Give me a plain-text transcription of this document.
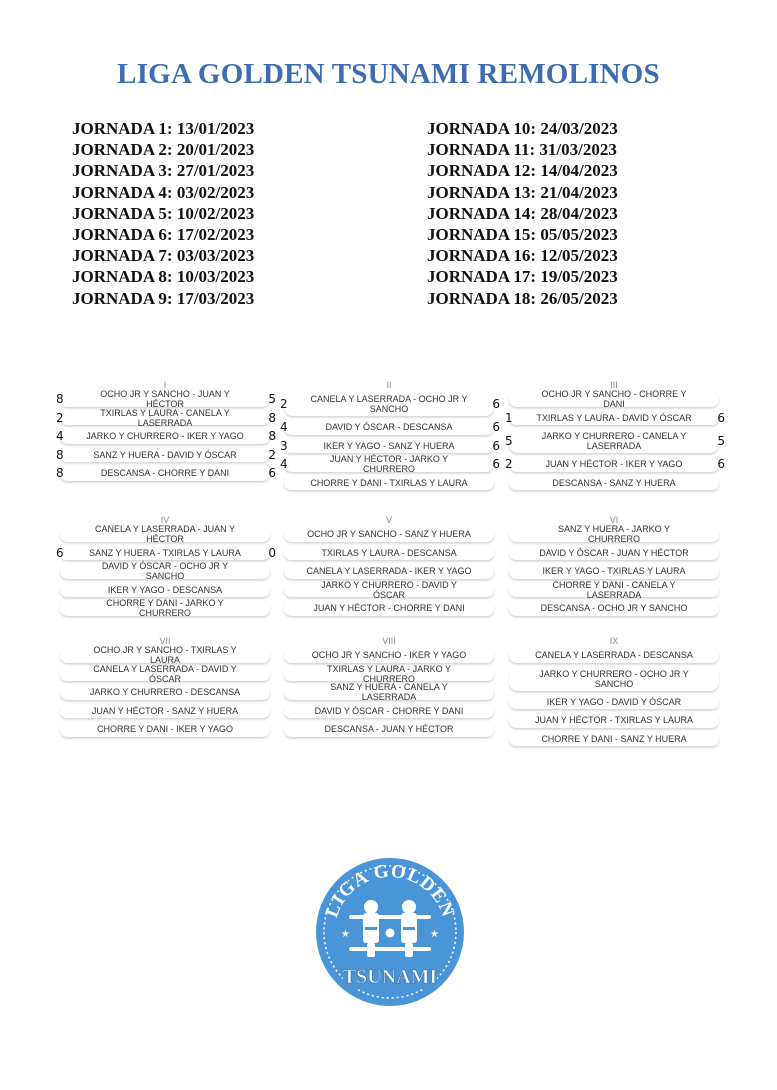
LIGA GOLDEN TSUNAMI REMOLINOS
JORNADA 1: 13/01/2023
JORNADA 2: 20/01/2023
JORNADA 3: 27/01/2023
JORNADA 4: 03/02/2023
JORNADA 5: 10/02/2023
JORNADA 6: 17/02/2023
JORNADA 7: 03/03/2023
JORNADA 8: 10/03/2023
JORNADA 9: 17/03/2023
JORNADA 10: 24/03/2023
JORNADA 11: 31/03/2023
JORNADA 12: 14/04/2023
JORNADA 13: 21/04/2023
JORNADA 14: 28/04/2023
JORNADA 15: 05/05/2023
JORNADA 16: 12/05/2023
JORNADA 17: 19/05/2023
JORNADA 18: 26/05/2023
I
OCHO JR Y SANCHO - JUAN Y HÉCTOR
8	5
TXIRLAS Y LAURA - CANELA Y LASERRADA
2	8
JARKO Y CHURRERO - IKER Y YAGO
4	8
SANZ Y HUERA - DAVID Y ÓSCAR
8	2
DESCANSA - CHORRE Y DANI
8	6
II
CANELA Y LASERRADA - OCHO JR Y SANCHO
2	6
DAVID Y ÓSCAR - DESCANSA
4	6
IKER Y YAGO - SANZ Y HUERA
3	6
JUAN Y HÉCTOR - JARKO Y CHURRERO
4	6
CHORRE Y DANI - TXIRLAS Y LAURA
III
OCHO JR Y SANCHO - CHORRE Y DANI
TXIRLAS Y LAURA - DAVID Y ÓSCAR
1	6
JARKO Y CHURRERO - CANELA Y LASERRADA
5	5
JUAN Y HÉCTOR - IKER Y YAGO
2	6
DESCANSA - SANZ Y HUERA
IV
CANELA Y LASERRADA - JUAN Y HÉCTOR
SANZ Y HUERA - TXIRLAS Y LAURA
6	0
DAVID Y ÓSCAR - OCHO JR Y SANCHO
IKER Y YAGO - DESCANSA
CHORRE Y DANI - JARKO Y CHURRERO
V
OCHO JR Y SANCHO - SANZ Y HUERA
TXIRLAS Y LAURA - DESCANSA
CANELA Y LASERRADA - IKER Y YAGO
JARKO Y CHURRERO - DAVID Y ÓSCAR
JUAN Y HÉCTOR - CHORRE Y DANI
VI
SANZ Y HUERA - JARKO Y CHURRERO
DAVID Y ÓSCAR - JUAN Y HÉCTOR
IKER Y YAGO - TXIRLAS Y LAURA
CHORRE Y DANI - CANELA Y LASERRADA
DESCANSA - OCHO JR Y SANCHO
VII
OCHO JR Y SANCHO - TXIRLAS Y LAURA
CANELA Y LASERRADA - DAVID Y ÓSCAR
JARKO Y CHURRERO - DESCANSA
JUAN Y HÉCTOR - SANZ Y HUERA
CHORRE Y DANI - IKER Y YAGO
VIII
OCHO JR Y SANCHO - IKER Y YAGO
TXIRLAS Y LAURA - JARKO Y CHURRERO
SANZ Y HUERA - CANELA Y LASERRADA
DAVID Y ÓSCAR - CHORRE Y DANI
DESCANSA - JUAN Y HÉCTOR
IX
CANELA Y LASERRADA - DESCANSA
JARKO Y CHURRERO - OCHO JR Y SANCHO
IKER Y YAGO - DAVID Y ÓSCAR
JUAN Y HÉCTOR - TXIRLAS Y LAURA
CHORRE Y DANI - SANZ Y HUERA
★	★
LIGA GOLDEN
TSUNAMI
